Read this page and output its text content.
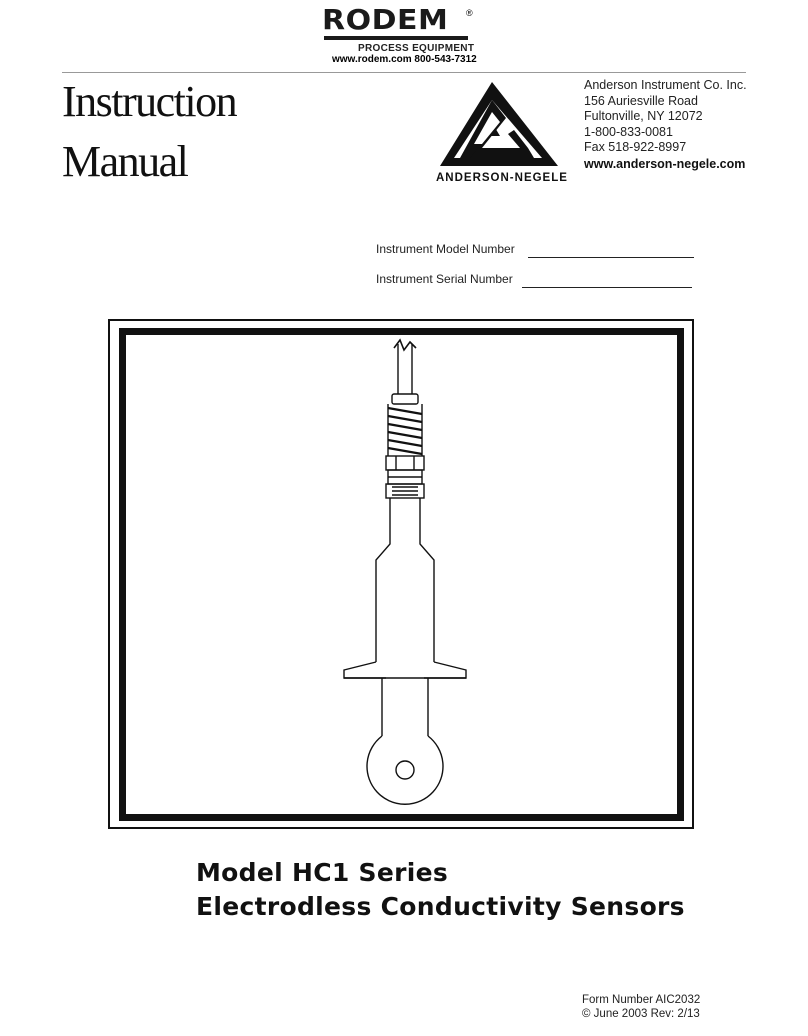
RODEM ®
PROCESS EQUIPMENT
www.rodem.com 800-543-7312
Instruction
Manual	ANDERSON-NEGELE
Anderson Instrument Co. Inc.
156 Auriesville Road
Fultonville, NY 12072
1-800-833-0081
Fax 518-922-8997
www.anderson-negele.com
Instrument Model Number
Instrument Serial Number
Model HC1 Series
Electrodless Conductivity Sensors
Form Number AIC2032
© June 2003 Rev: 2/13
